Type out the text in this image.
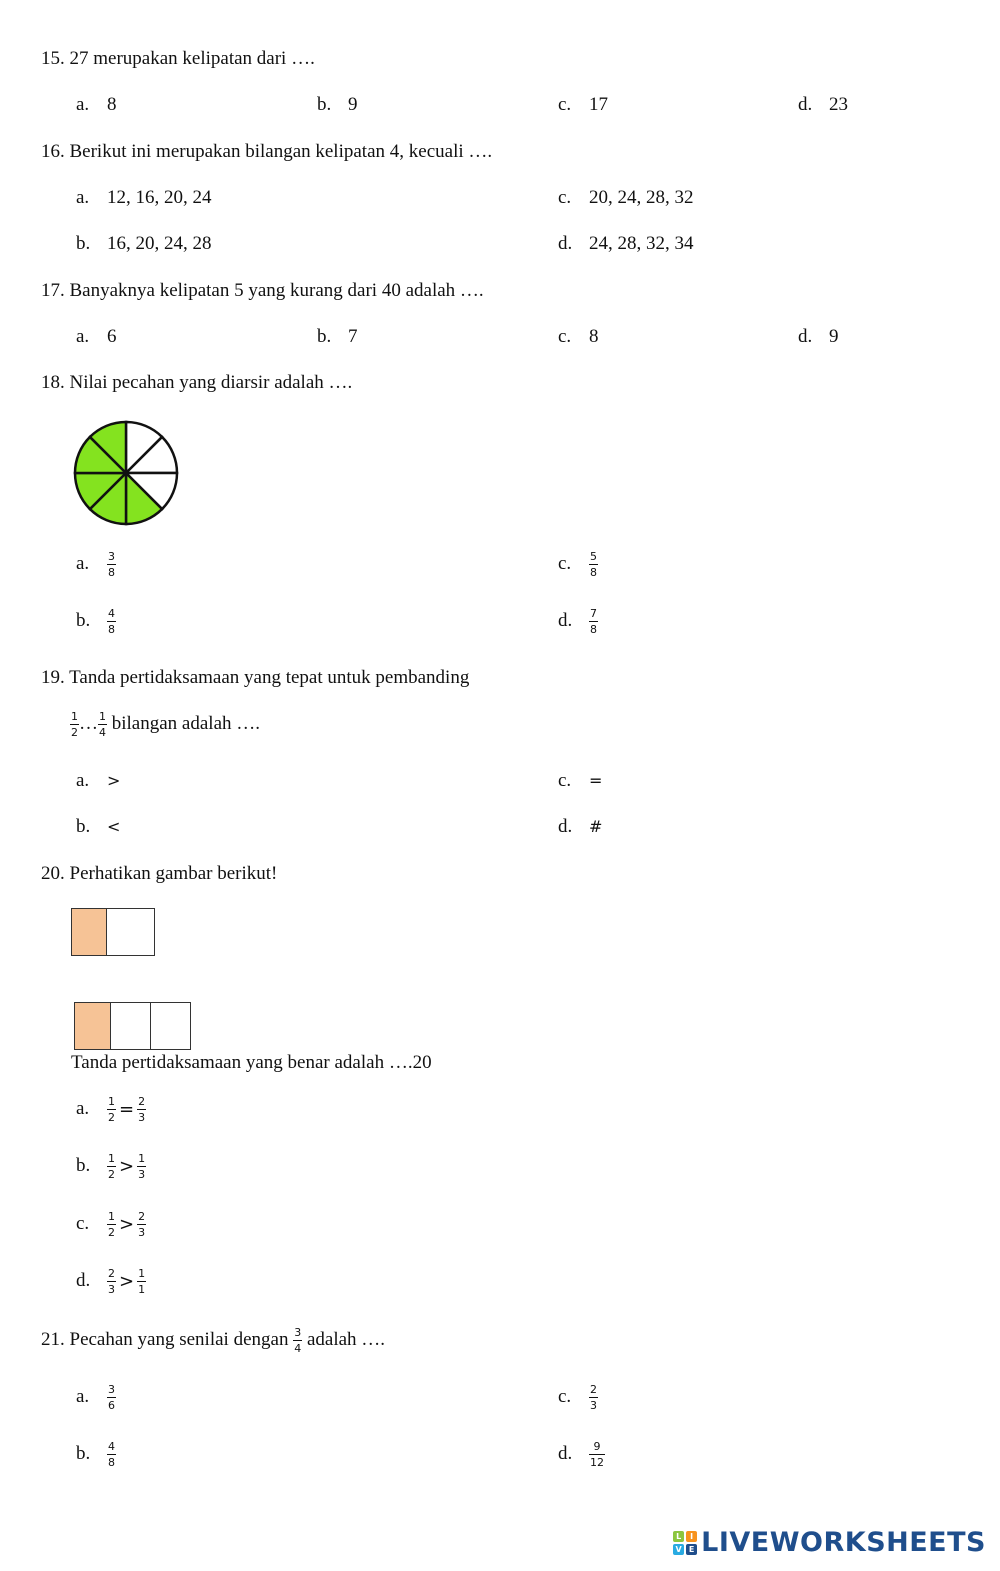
15. 27 merupakan kelipatan dari ….
a. 8	b. 9	c. 17	d. 23
16. Berikut ini merupakan bilangan kelipatan 4, kecuali ….
a. 12, 16, 20, 24
b. 16, 20, 24, 28
c. 20, 24, 28, 32
d. 24, 28, 32, 34
17. Banyaknya kelipatan 5 yang kurang dari 40 adalah ….
a. 6	b. 7	c. 8	d. 9
18. Nilai pecahan yang diarsir adalah ….
a. $\frac{3}{8}$
b. $\frac{4}{8}$
c. $\frac{5}{8}$
d. $\frac{7}{8}$
19. Tanda pertidaksamaan yang tepat untuk pembanding
$\frac{1}{2}$ … $\frac{1}{4}$ bilangan adalah ….
a. >
b. <
c. =
d. #
20. Perhatikan gambar berikut!
Tanda pertidaksamaan yang benar adalah ….20
a. $\frac{1}{2} = \frac{2}{3}$
b. $\frac{1}{2} > \frac{1}{3}$
c. $\frac{1}{2} > \frac{2}{3}$
d. $\frac{2}{3} > \frac{1}{1}$
21. Pecahan yang senilai dengan $\frac{3}{4}$ adalah ….
a. $\frac{3}{6}$
b. $\frac{4}{8}$
c. $\frac{2}{3}$
d. $\frac{9}{12}$
L	I
V E LIVEWORKSHEETS
